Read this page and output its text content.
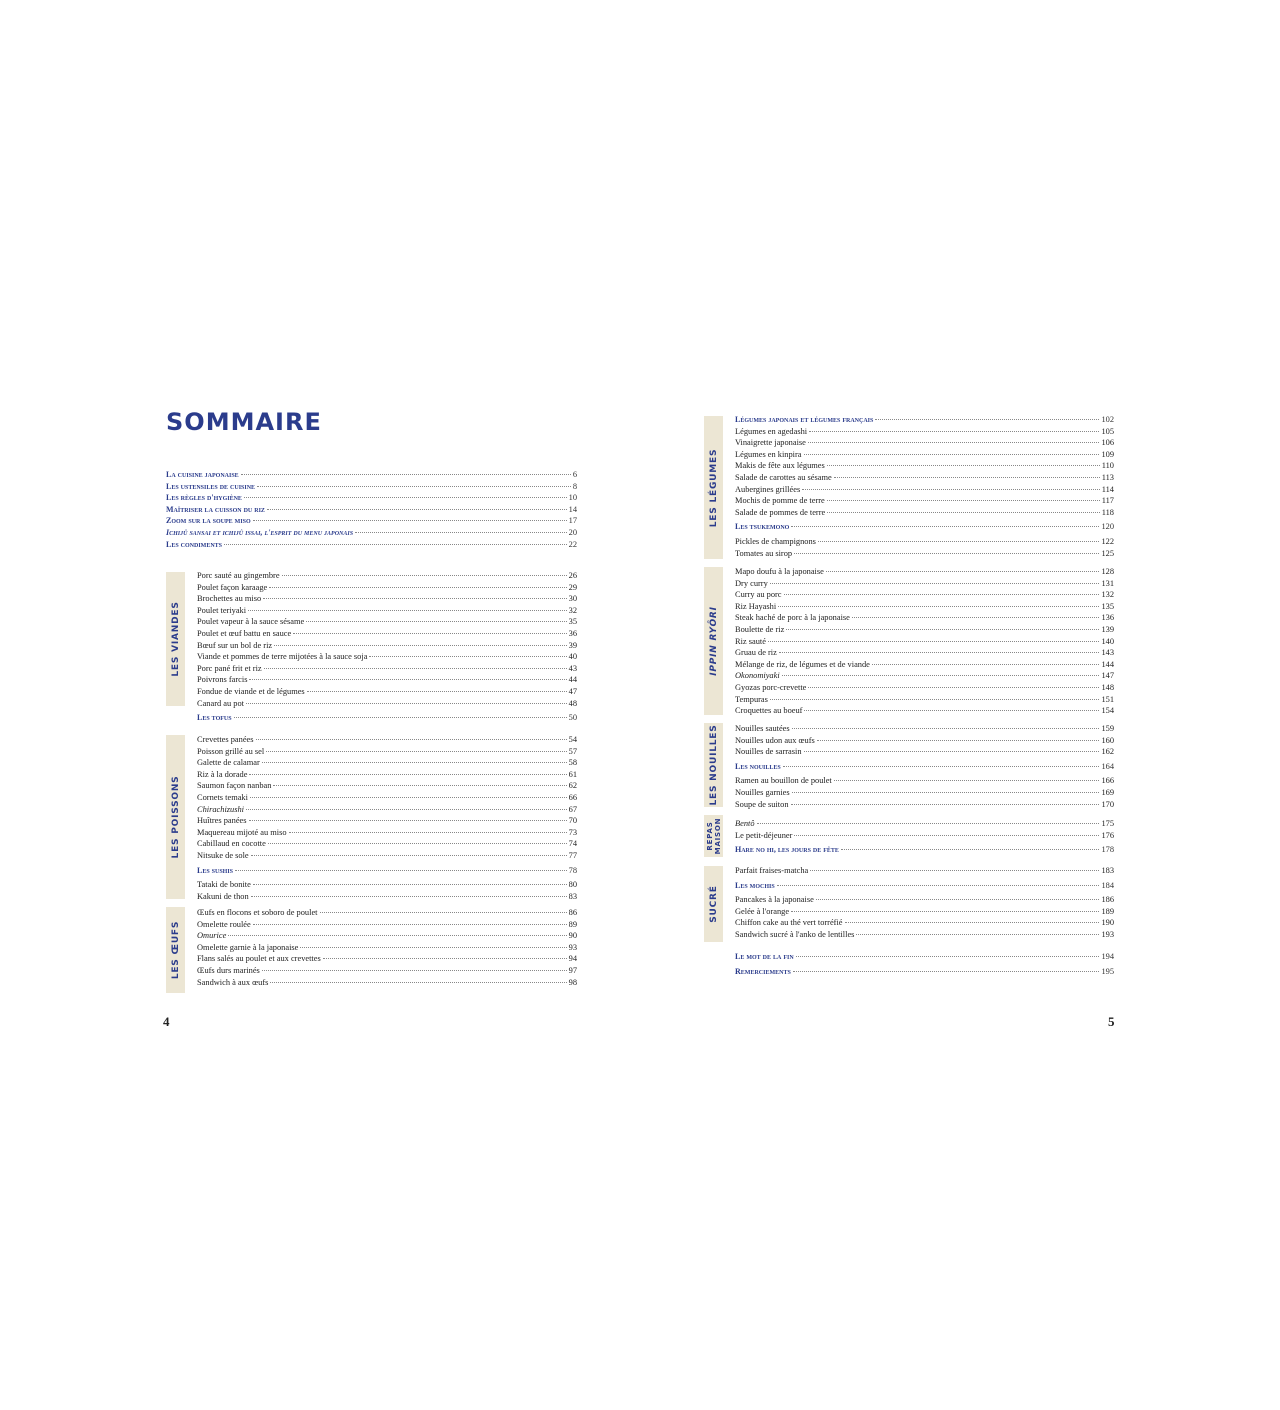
SOMMAIRE
La cuisine japonaise	6
Les ustensiles de cuisine	8
Les règles d'hygiène	10
Maîtriser la cuisson du riz	14
Zoom sur la soupe miso	17
Ichijû sansai et ichijû issai, l'esprit du menu japonais	20
Les condiments	22
LES VIANDES
Porc sauté au gingembre	26
Poulet façon karaage	29
Brochettes au miso	30
Poulet teriyaki	32
Poulet vapeur à la sauce sésame	35
Poulet et œuf battu en sauce	36
Bœuf sur un bol de riz	39
Viande et pommes de terre mijotées à la sauce soja	40
Porc pané frit et riz	43
Poivrons farcis	44
Fondue de viande et de légumes	47
Canard au pot	48
Les tofus	50
LES POISSONS
Crevettes panées	54
Poisson grillé au sel	57
Galette de calamar	58
Riz à la dorade	61
Saumon façon nanban	62
Cornets temaki	66
Chirachizushi	67
Huîtres panées	70
Maquereau mijoté au miso	73
Cabillaud en cocotte	74
Nitsuke de sole	77
Les sushis	78
Tataki de bonite	80
Kakuni de thon	83
LES ŒUFS
Œufs en flocons et soboro de poulet	86
Omelette roulée	89
Omurice	90
Omelette garnie à la japonaise	93
Flans salés au poulet et aux crevettes	94
Œufs durs marinés	97
Sandwich à aux œufs	98
LES LÉGUMES
Légumes japonais et légumes français	102
Légumes en agedashi	105
Vinaigrette japonaise	106
Légumes en kinpira	109
Makis de fête aux légumes	110
Salade de carottes au sésame	113
Aubergines grillées	114
Mochis de pomme de terre	117
Salade de pommes de terre	118
Les tsukemono	120
Pickles de champignons	122
Tomates au sirop	125
IPPIN RYÔRI
Mapo doufu à la japonaise	128
Dry curry	131
Curry au porc	132
Riz Hayashi	135
Steak haché de porc à la japonaise	136
Boulette de riz	139
Riz sauté	140
Gruau de riz	143
Mélange de riz, de légumes et de viande	144
Okonomiyaki	147
Gyozas porc-crevette	148
Tempuras	151
Croquettes au boeuf	154
LES NOUILLES Nouilles sautées	159
Nouilles udon aux œufs	160
Nouilles de sarrasin	162
Les nouilles	164
Ramen au bouillon de poulet	166
Nouilles garnies	169
Soupe de suiton	170
REPAS
MAISON Bentô	175
Le petit-déjeuner	176
Hare no hi, les jours de fête	178
SUCRÉ
Parfait fraises-matcha	183
Les mochis	184
Pancakes à la japonaise	186
Gelée à l'orange	189
Chiffon cake au thé vert torréfié	190
Sandwich sucré à l'anko de lentilles	193
Le mot de la fin	194
Remerciements	195
4	5
